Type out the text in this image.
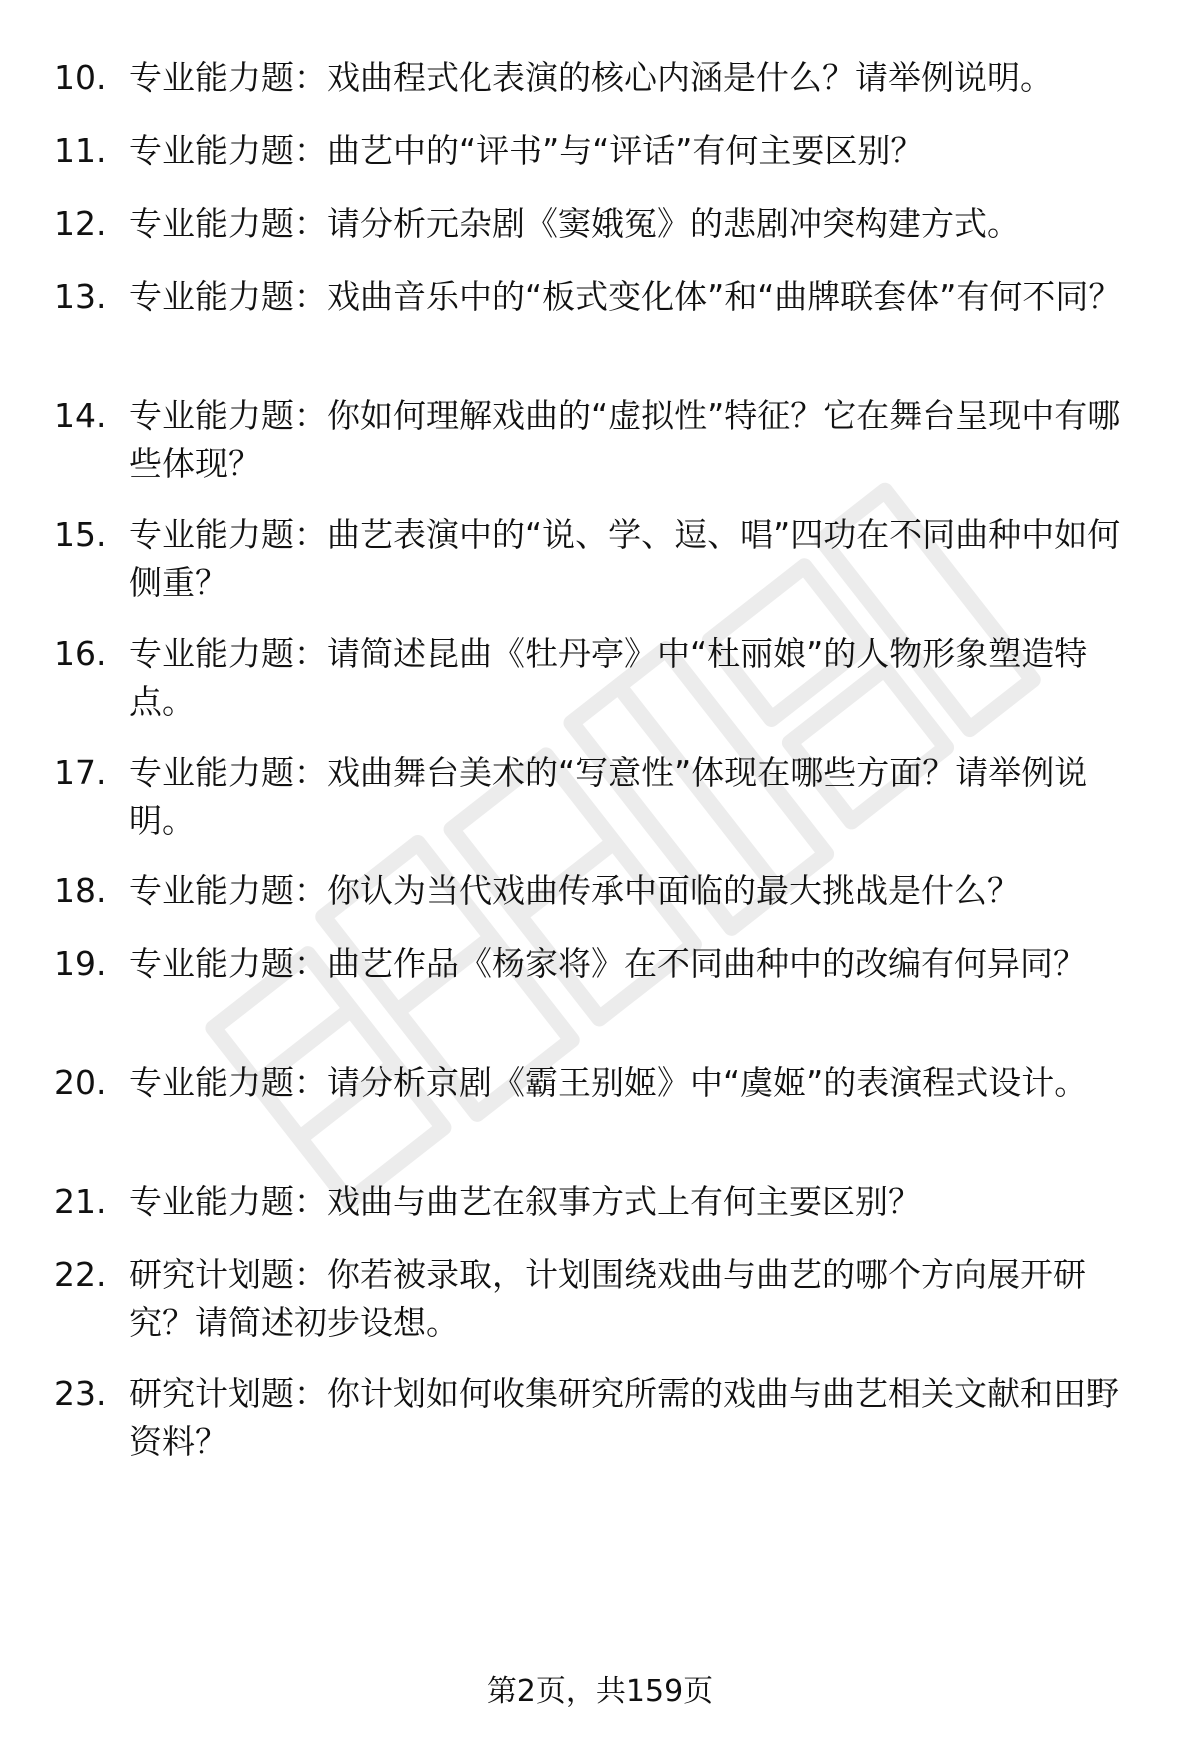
10. 专业能力题：戏曲程式化表演的核心内涵是什么？请举例说明。
11. 专业能力题：曲艺中的“评书”与“评话”有何主要区别？
12. 专业能力题：请分析元杂剧《窦娥冤》的悲剧冲突构建方式。
13. 专业能力题：戏曲音乐中的“板式变化体”和“曲牌联套体”有何不同？
14. 专业能力题：你如何理解戏曲的“虚拟性”特征？它在舞台呈现中有哪些体现？
15. 专业能力题：曲艺表演中的“说、学、逗、唱”四功在不同曲种中如何侧重？
16. 专业能力题：请简述昆曲《牡丹亭》中“杜丽娘”的人物形象塑造特点。
17. 专业能力题：戏曲舞台美术的“写意性”体现在哪些方面？请举例说明。
18. 专业能力题：你认为当代戏曲传承中面临的最大挑战是什么？
19. 专业能力题：曲艺作品《杨家将》在不同曲种中的改编有何异同？
20. 专业能力题：请分析京剧《霸王别姬》中“虞姬”的表演程式设计。
21. 专业能力题：戏曲与曲艺在叙事方式上有何主要区别？
22. 研究计划题：你若被录取，计划围绕戏曲与曲艺的哪个方向展开研究？请简述初步设想。
23. 研究计划题：你计划如何收集研究所需的戏曲与曲艺相关文献和田野资料？
第2页，共159页
